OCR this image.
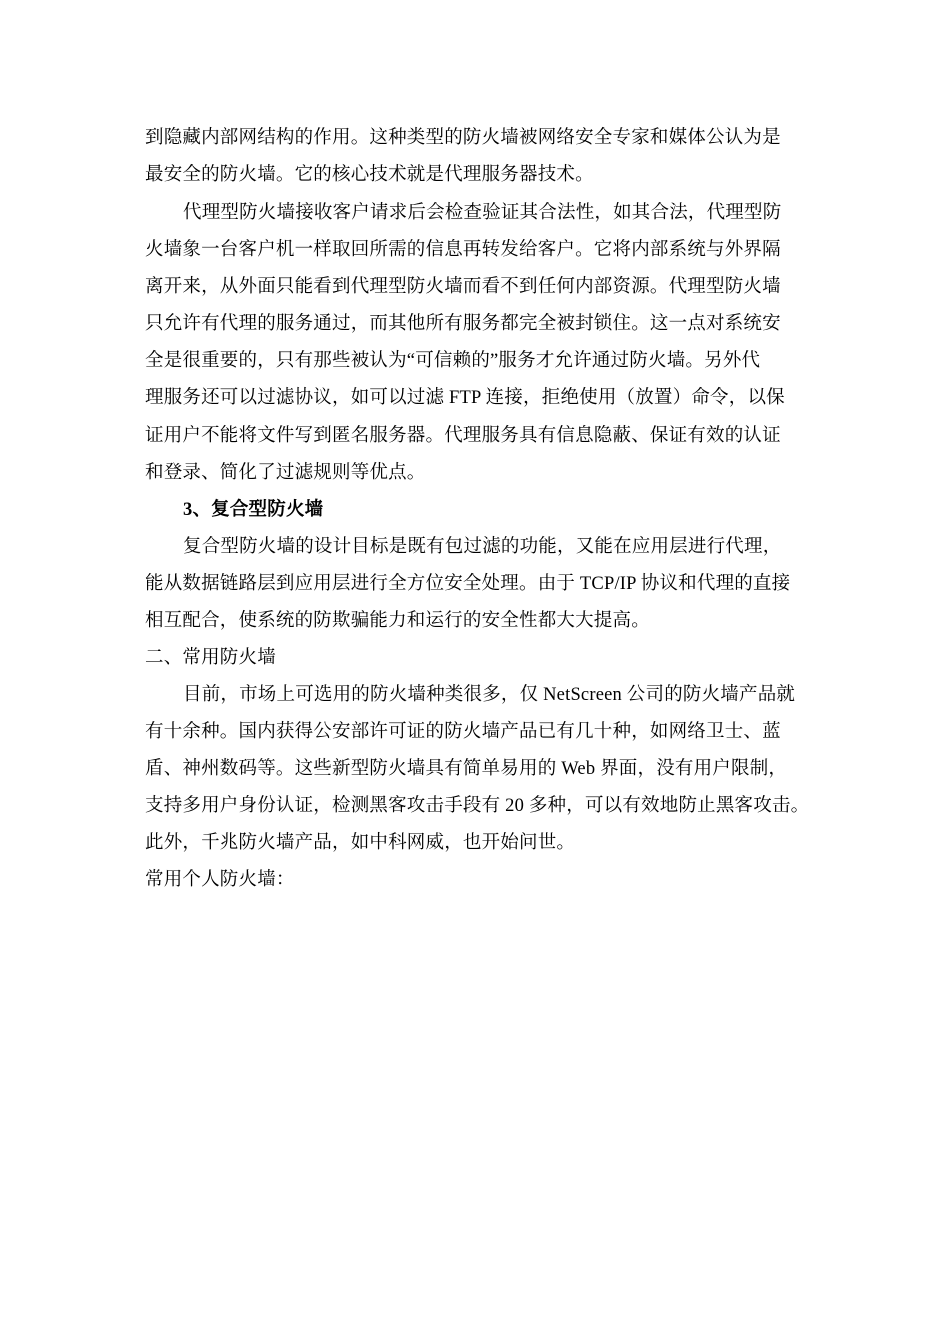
到隐藏内部网结构的作用。这种类型的防火墙被网络安全专家和媒体公认为是
最安全的防火墙。它的核心技术就是代理服务器技术。
代理型防火墙接收客户请求后会检查验证其合法性，如其合法，代理型防
火墙象一台客户机一样取回所需的信息再转发给客户。它将内部系统与外界隔
离开来，从外面只能看到代理型防火墙而看不到任何内部资源。代理型防火墙
只允许有代理的服务通过，而其他所有服务都完全被封锁住。这一点对系统安
全是很重要的，只有那些被认为“可信赖的”服务才允许通过防火墙。另外代
理服务还可以过滤协议，如可以过滤 FTP 连接，拒绝使用（放置）命令，以保
证用户不能将文件写到匿名服务器。代理服务具有信息隐蔽、保证有效的认证
和登录、简化了过滤规则等优点。
3、复合型防火墙
复合型防火墙的设计目标是既有包过滤的功能，又能在应用层进行代理，
能从数据链路层到应用层进行全方位安全处理。由于 TCP/IP 协议和代理的直接
相互配合，使系统的防欺骗能力和运行的安全性都大大提高。
二、常用防火墙
目前，市场上可选用的防火墙种类很多，仅 NetScreen 公司的防火墙产品就
有十余种。国内获得公安部许可证的防火墙产品已有几十种，如网络卫士、蓝
盾、神州数码等。这些新型防火墙具有简单易用的 Web 界面，没有用户限制，
支持多用户身份认证，检测黑客攻击手段有 20 多种，可以有效地防止黑客攻击。
此外，千兆防火墙产品，如中科网威，也开始问世。
常用个人防火墙：
